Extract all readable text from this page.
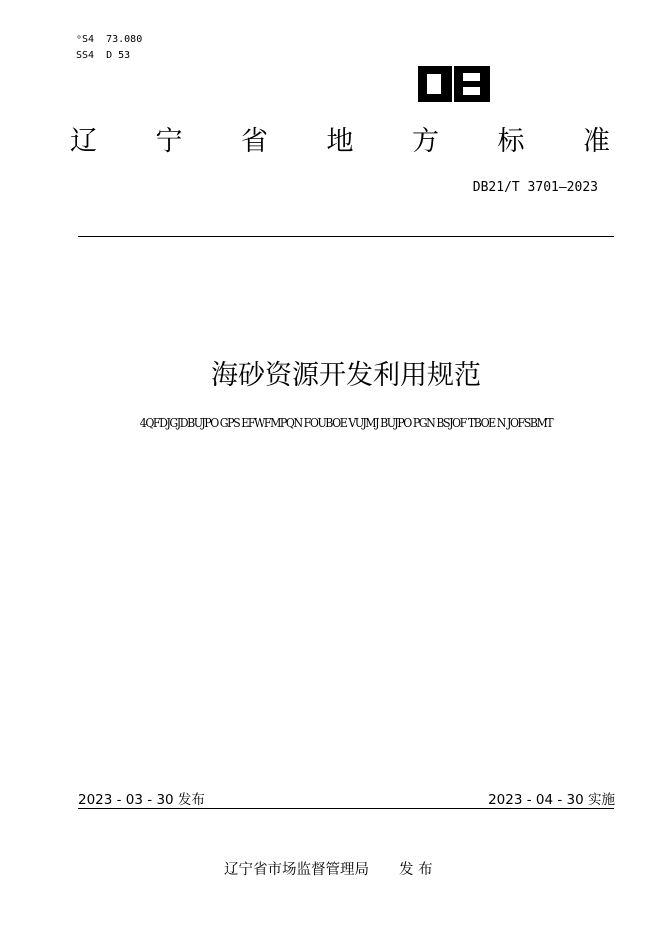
ᵒS4  73.080
SS4  D 53
辽 宁 省 地 方 标 准
DB21/T 3701—2023
海砂资源开发利用规范
4QFDJGJDBUJPO GPS EFWFMPQN FOUBOE VUJMJ BUJPO PGN BSJOF TBOE N JOFSBMT
2023 - 03 - 30 发布	2023 - 04 - 30 实施
辽宁省市场监督管理局 发 布
